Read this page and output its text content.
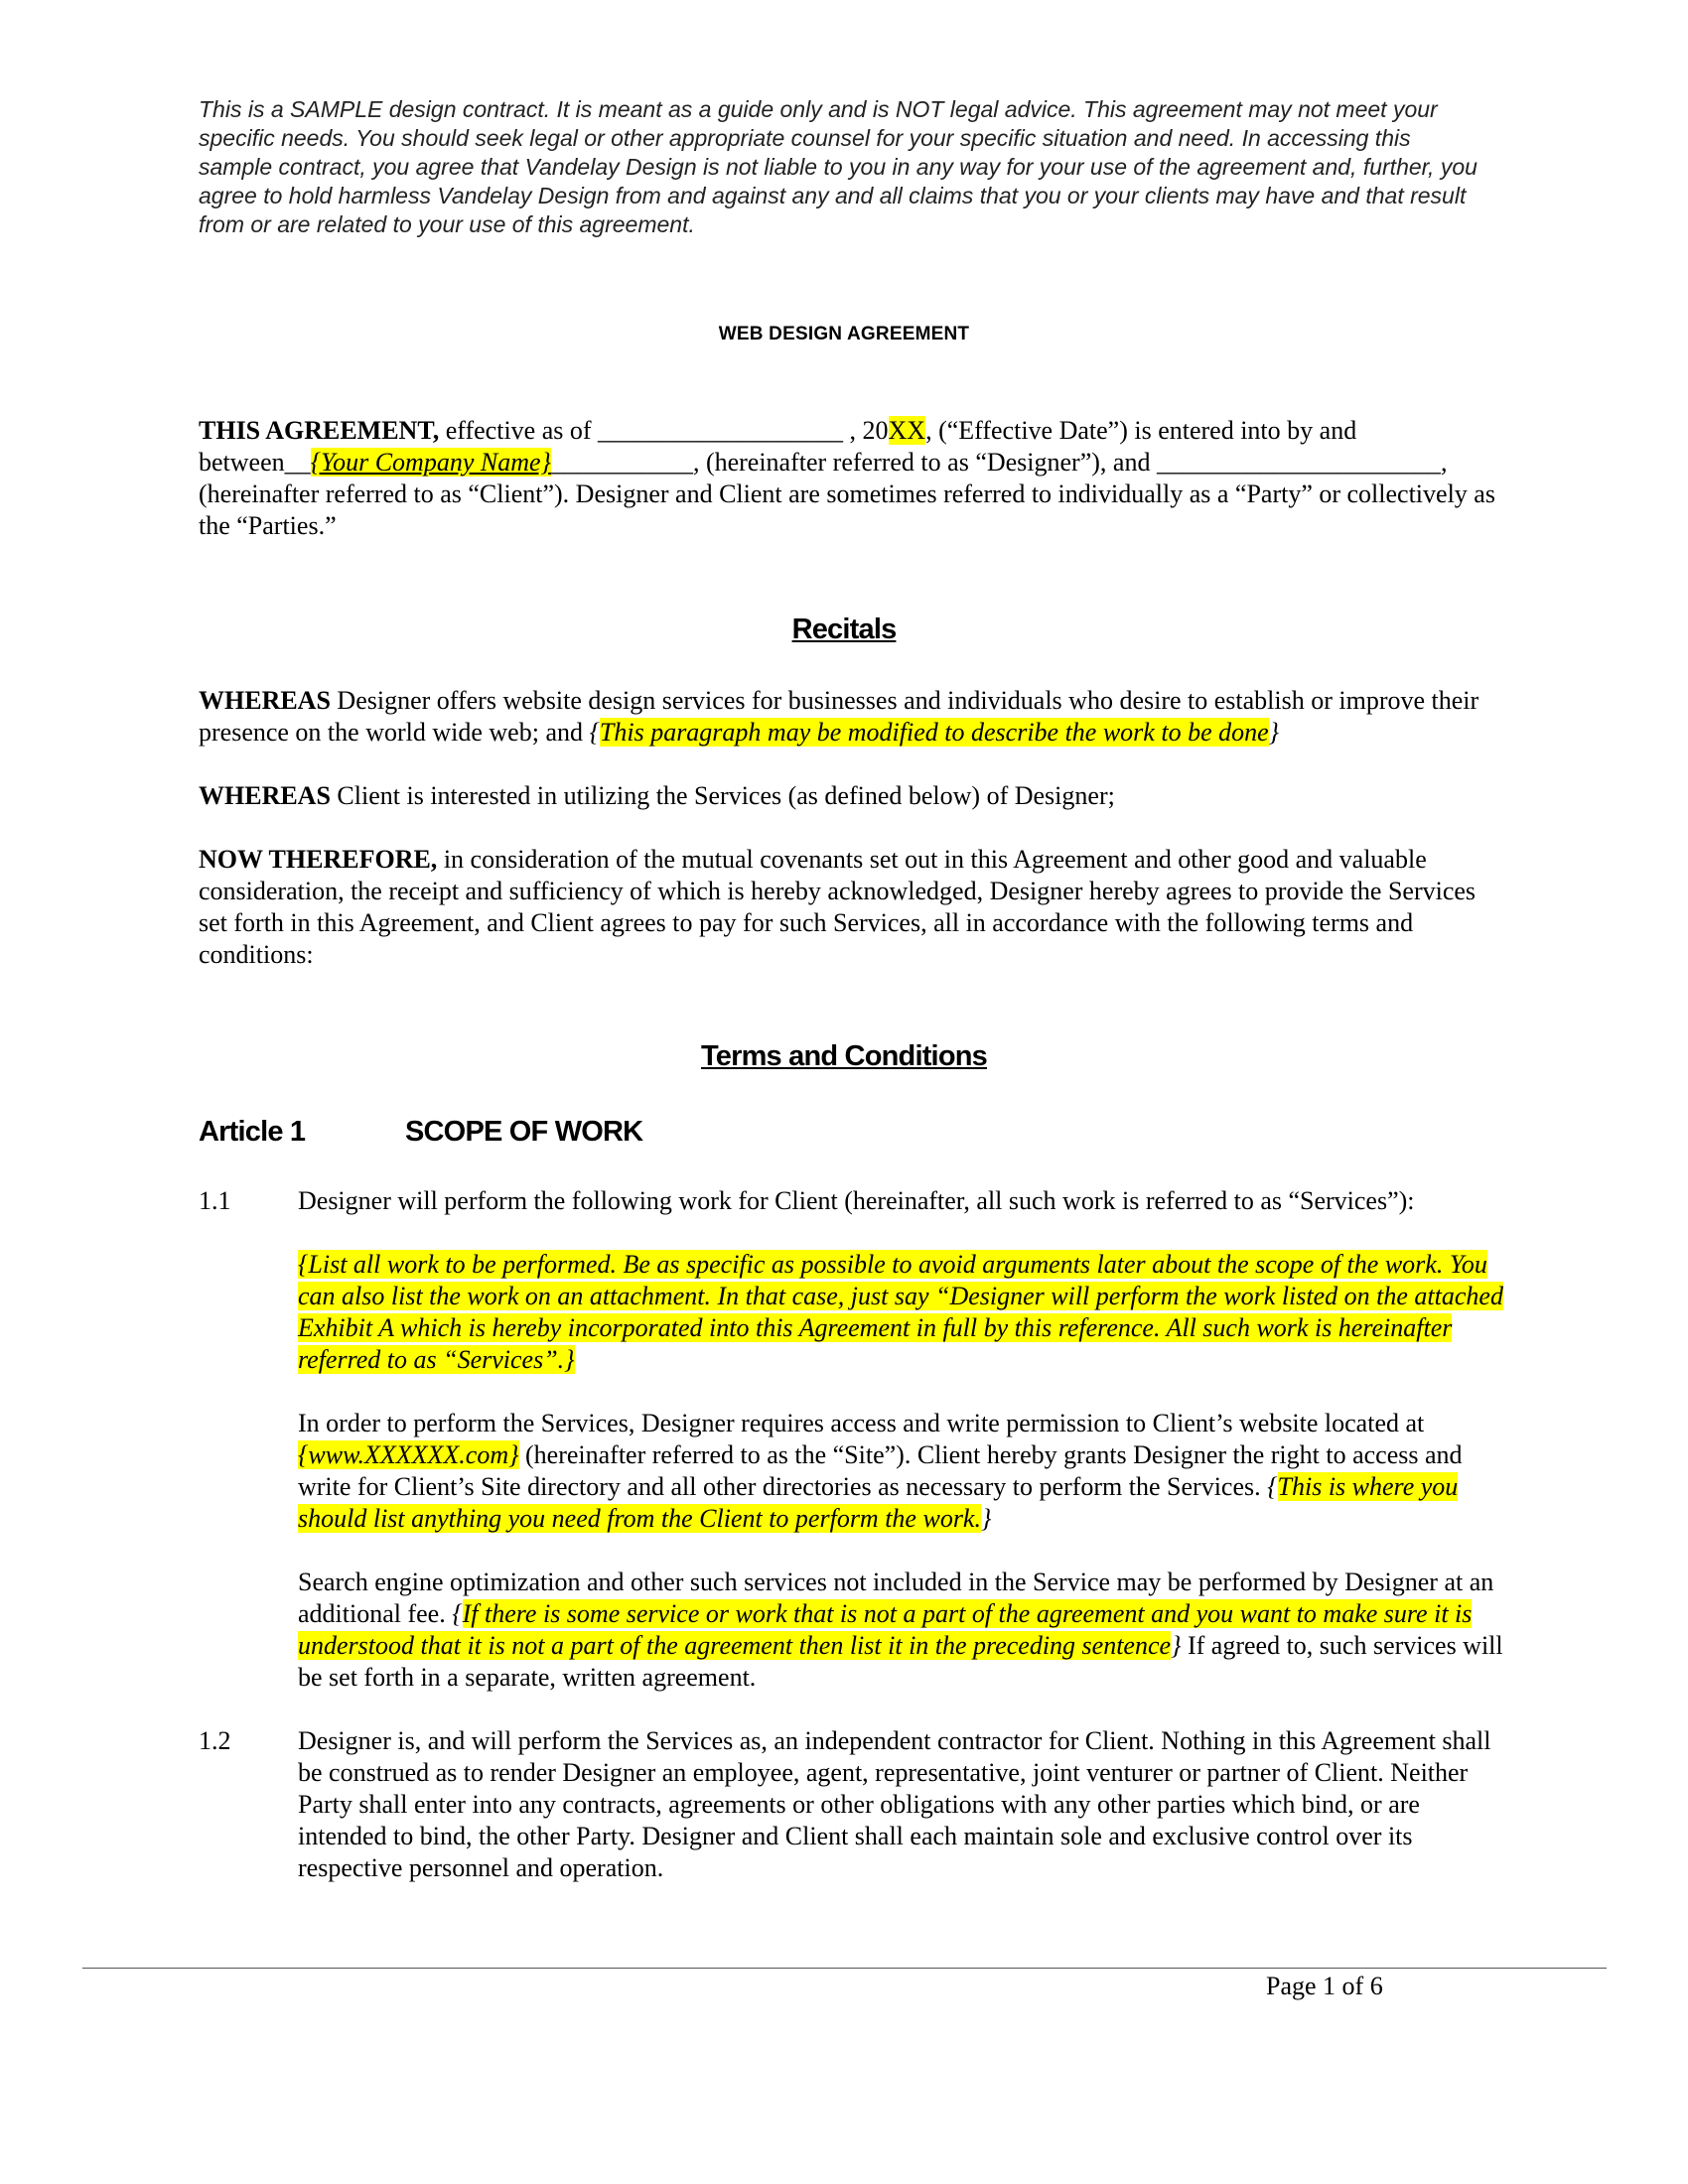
This is a SAMPLE design contract. It is meant as a guide only and is NOT legal advice. This agreement may not meet your specific needs. You should seek legal or other appropriate counsel for your specific situation and need. In accessing this sample contract, you agree that Vandelay Design is not liable to you in any way for your use of the agreement and, further, you agree to hold harmless Vandelay Design from and against any and all claims that you or your clients may have and that result from or are related to your use of this agreement.
WEB DESIGN AGREEMENT
THIS AGREEMENT, effective as of ___________________ , 20XX, (“Effective Date”) is entered into by and between__{Your Company Name}___________, (hereinafter referred to as “Designer”), and ______________________, (hereinafter referred to as “Client”). Designer and Client are sometimes referred to individually as a “Party” or collectively as the “Parties.”
Recitals
WHEREAS Designer offers website design services for businesses and individuals who desire to establish or improve their presence on the world wide web; and {This paragraph may be modified to describe the work to be done}
WHEREAS Client is interested in utilizing the Services (as defined below) of Designer;
NOW THEREFORE, in consideration of the mutual covenants set out in this Agreement and other good and valuable consideration, the receipt and sufficiency of which is hereby acknowledged, Designer hereby agrees to provide the Services set forth in this Agreement, and Client agrees to pay for such Services, all in accordance with the following terms and conditions:
Terms and Conditions
Article 1	SCOPE OF WORK
1.1	Designer will perform the following work for Client (hereinafter, all such work is referred to as “Services”):
{List all work to be performed. Be as specific as possible to avoid arguments later about the scope of the work. You can also list the work on an attachment. In that case, just say “Designer will perform the work listed on the attached Exhibit A which is hereby incorporated into this Agreement in full by this reference. All such work is hereinafter referred to as “Services”.}
In order to perform the Services, Designer requires access and write permission to Client’s website located at {www.XXXXXX.com} (hereinafter referred to as the “Site”). Client hereby grants Designer the right to access and write for Client’s Site directory and all other directories as necessary to perform the Services. {This is where you should list anything you need from the Client to perform the work.}
Search engine optimization and other such services not included in the Service may be performed by Designer at an additional fee. {If there is some service or work that is not a part of the agreement and you want to make sure it is understood that it is not a part of the agreement then list it in the preceding sentence} If agreed to, such services will be set forth in a separate, written agreement.
1.2	Designer is, and will perform the Services as, an independent contractor for Client. Nothing in this Agreement shall be construed as to render Designer an employee, agent, representative, joint venturer or partner of Client. Neither Party shall enter into any contracts, agreements or other obligations with any other parties which bind, or are intended to bind, the other Party. Designer and Client shall each maintain sole and exclusive control over its respective personnel and operation.
Page 1 of 6
